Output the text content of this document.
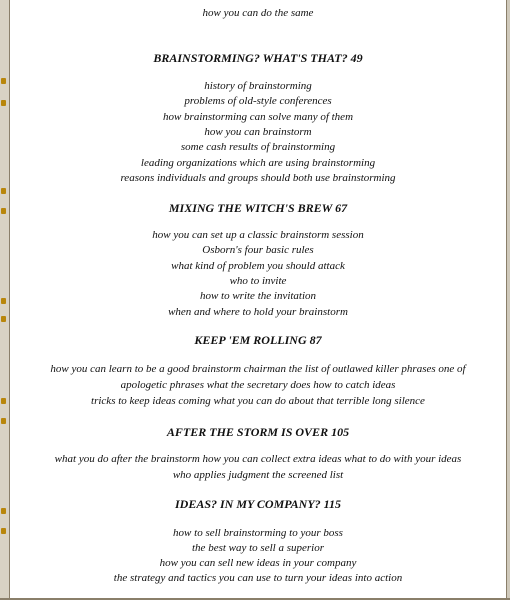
how you can do the same
BRAINSTORMING? WHAT'S THAT? 49
history of brainstorming
problems of old-style conferences
how brainstorming can solve many of them
how you can brainstorm
some cash results of brainstorming
leading organizations which are using brainstorming
reasons individuals and groups should both use brainstorming
MIXING THE WITCH'S BREW 67
how you can set up a classic brainstorm session
Osborn's four basic rules
what kind of problem you should attack
who to invite
how to write the invitation
when and where to hold your brainstorm
KEEP 'EM ROLLING 87
how you can learn to be a good brainstorm chairman the list of outlawed killer phrases one of
apologetic phrases what the secretary does how to catch ideas
tricks to keep ideas coming what you can do about that terrible long silence
AFTER THE STORM IS OVER 105
what you do after the brainstorm how you can collect extra ideas what to do with your ideas
who applies judgment the screened list
IDEAS? IN MY COMPANY? 115
how to sell brainstorming to your boss
the best way to sell a superior
how you can sell new ideas in your company
the strategy and tactics you can use to turn your ideas into action
